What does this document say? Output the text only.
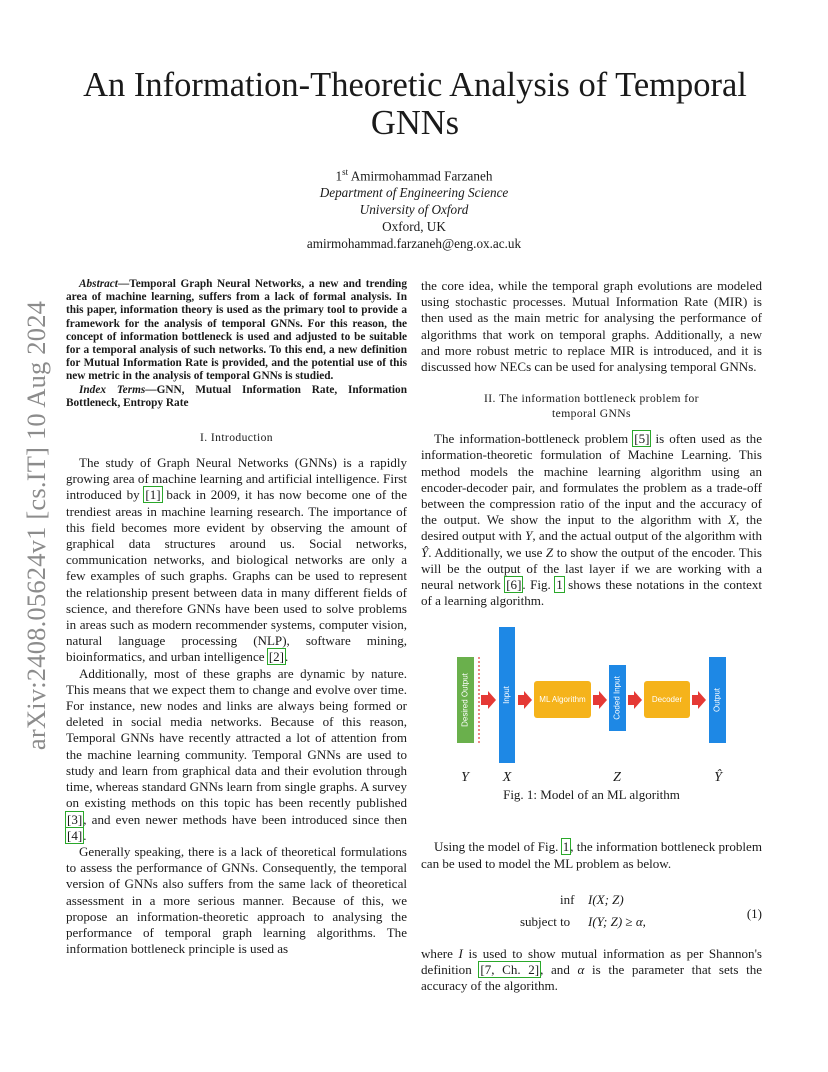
arXiv:2408.05624v1 [cs.IT] 10 Aug 2024
An Information-Theoretic Analysis of Temporal GNNs
1st Amirmohammad Farzaneh
Department of Engineering Science
University of Oxford
Oxford, UK
amirmohammad.farzaneh@eng.ox.ac.uk

Abstract—Temporal Graph Neural Networks, a new and trending area of machine learning, suffers from a lack of formal analysis. In this paper, information theory is used as the primary tool to provide a framework for the analysis of temporal GNNs. For this reason, the concept of information bottleneck is used and adjusted to be suitable for a temporal analysis of such networks. To this end, a new definition for Mutual Information Rate is provided, and the potential use of this new metric in the analysis of temporal GNNs is studied.

Index Terms—GNN, Mutual Information Rate, Information Bottleneck, Entropy Rate

I. Introduction

The study of Graph Neural Networks (GNNs) is a rapidly growing area of machine learning and artificial intelligence. First introduced by [1] back in 2009, it has now become one of the trendiest areas in machine learning research. The importance of this field becomes more evident by observing the amount of graphical data structures around us. Social networks, communication networks, and biological networks are only a few examples of such graphs. Graphs can be used to represent the relationship present between data in many different fields of science, and therefore GNNs have been used to solve problems in areas such as modern recommender systems, computer vision, natural language processing (NLP), software mining, bioinformatics, and urban intelligence [2].

Additionally, most of these graphs are dynamic by nature. This means that we expect them to change and evolve over time. For instance, new nodes and links are always being formed or deleted in social media networks. Because of this reason, Temporal GNNs have recently attracted a lot of attention from the machine learning community. Temporal GNNs are used to study and learn from graphical data and their evolution through time, whereas standard GNNs learn from single graphs. A survey on existing methods on this topic has been recently published [3], and even newer methods have been introduced since then [4].

Generally speaking, there is a lack of theoretical formulations to assess the performance of GNNs. Consequently, the temporal version of GNNs also suffers from the same lack of theoretical assessment in a more serious manner. Because of this, we propose an information-theoretic approach to analysing the performance of temporal graph learning algorithms. The information bottleneck principle is used as

the core idea, while the temporal graph evolutions are modeled using stochastic processes. Mutual Information Rate (MIR) is then used as the main metric for analysing the performance of algorithms that work on temporal graphs. Additionally, a new and more robust metric to replace MIR is introduced, and it is discussed how NECs can be used for analysing temporal GNNs.

II. The information bottleneck problem for
temporal GNNs

The information-bottleneck problem [5] is often used as the information-theoretic formulation of Machine Learning. This method models the machine learning algorithm using an encoder-decoder pair, and formulates the problem as a trade-off between the compression ratio of the input and the accuracy of the output. We show the input to the algorithm with X, the desired output with Y, and the actual output of the algorithm with Ŷ. Additionally, we use Z to show the output of the encoder. This will be the output of the last layer if we are working with a neural network [6]. Fig. 1 shows these notations in the context of a learning algorithm.

Desired Output	Input	ML Algorithm	Coded Input	Decoder	Output
Y X	Z	Ŷ
Fig. 1: Model of an ML algorithm

Using the model of Fig. 1, the information bottleneck problem can be used to model the ML problem as below.

inf I(X; Z)
subject to I(Y; Z) ≥ α,
(1)

where I is used to show mutual information as per Shannon's definition [7, Ch. 2], and α is the parameter that sets the accuracy of the algorithm.
